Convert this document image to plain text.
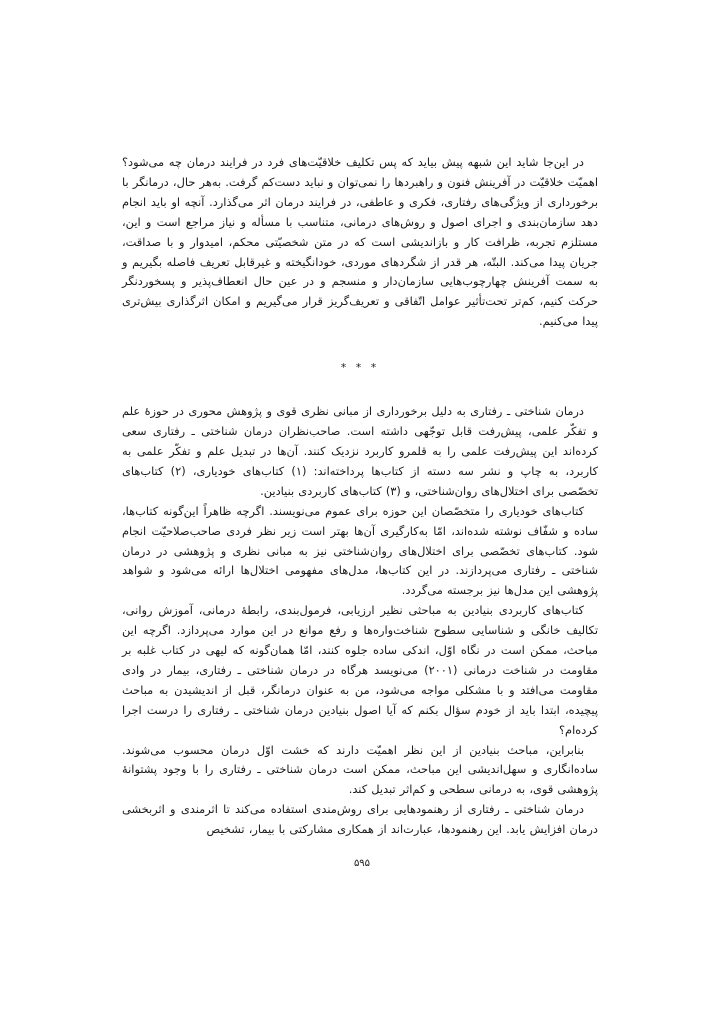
در این‌جا شاید این شبهه پیش بیاید که پس تکلیف خلاقیّت‌های فرد در فرایند درمان چه می‌شود؟ اهمیّت خلاقیّت در آفرینش فنون و راهبردها را نمی‌توان و نباید دست‌کم گرفت. به‌هر حال، درمانگر با برخورداری از ویژگی‌های رفتاری، فکری و عاطفی، در فرایند درمان اثر می‌گذارد. آنچه او باید انجام دهد سازمان‌بندی و اجرای اصول و روش‌های درمانی، متناسب با مسأله و نیاز مراجع است و این، مستلزم تجربه، ظرافت کار و بازاندیشی است که در متن شخصیّتی محکم، امیدوار و با صداقت، جریان پیدا می‌کند. البتّه، هر قدر از شگردهای موردی، خودانگیخته و غیرقابل تعریف فاصله بگیریم و به سمت آفرینش چهارچوب‌هایی سازمان‌دار و منسجم و در عین حال انعطاف‌پذیر و پسخوردنگر حرکت کنیم، کم‌تر تحت‌تأثیر عوامل اتّفاقی و تعریف‌گریز قرار می‌گیریم و امکان اثرگذاری بیش‌تری پیدا می‌کنیم.

* * *

درمان شناختی ـ رفتاری به دلیل برخورداری از مبانی نظری قوی و پژوهش محوری در حوزهٔ علم و تفکّر علمی، پیش‌رفت قابل توجّهی داشته است. صاحب‌نظران درمان شناختی ـ رفتاری سعی کرده‌اند این پیش‌رفت علمی را به قلمرو کاربرد نزدیک کنند. آن‌ها در تبدیل علم و تفکّر علمی به کاربرد، به چاپ و نشر سه دسته از کتاب‌ها پرداخته‌اند: (۱) کتاب‌های خودیاری، (۲) کتاب‌های تخصّصی برای اختلال‌های روان‌شناختی، و (۳) کتاب‌های کاربردی بنیادین.

کتاب‌های خودیاری را متخصّصان این حوزه برای عموم می‌نویسند. اگرچه ظاهراً این‌گونه کتاب‌ها، ساده و شفّاف نوشته شده‌اند، امّا به‌کارگیری آن‌ها بهتر است زیر نظر فردی صاحب‌صلاحیّت انجام شود. کتاب‌های تخصّصی برای اختلال‌های روان‌شناختی نیز به مبانی نظری و پژوهشی در درمان شناختی ـ رفتاری می‌پردازند. در این کتاب‌ها، مدل‌های مفهومی اختلال‌ها ارائه می‌شود و شواهد پژوهشی این مدل‌ها نیز برجسته می‌گردد.

کتاب‌های کاربردی بنیادین به مباحثی نظیر ارزیابی، فرمول‌بندی، رابطهٔ درمانی، آموزش روانی، تکالیف خانگی و شناسایی سطوح شناخت‌واره‌ها و رفع موانع در این موارد می‌پردازد. اگرچه این مباحث، ممکن است در نگاه اوّل، اندکی ساده جلوه کنند، امّا همان‌گونه که لیهی در کتاب غلبه بر مقاومت در شناخت درمانی (۲۰۰۱) می‌نویسد هرگاه در درمان شناختی ـ رفتاری، بیمار در وادی مقاومت می‌افتد و با مشکلی مواجه می‌شود، من به عنوان درمانگر، قبل از اندیشیدن به مباحث پیچیده، ابتدا باید از خودم سؤال بکنم که آیا اصول بنیادین درمان شناختی ـ رفتاری را درست اجرا کرده‌ام؟

بنابراین، مباحث بنیادین از این نظر اهمیّت دارند که خشت اوّل درمان محسوب می‌شوند. ساده‌انگاری و سهل‌اندیشی این مباحث، ممکن است درمان شناختی ـ رفتاری را با وجود پشتوانهٔ پژوهشی قوی، به درمانی سطحی و کم‌اثر تبدیل کند.

درمان شناختی ـ رفتاری از رهنمودهایی برای روش‌مندی استفاده می‌کند تا اثرمندی و اثربخشی درمان افزایش یابد. این رهنمودها، عبارت‌اند از همکاری مشارکتی با بیمار، تشخیص

۵۹۵
